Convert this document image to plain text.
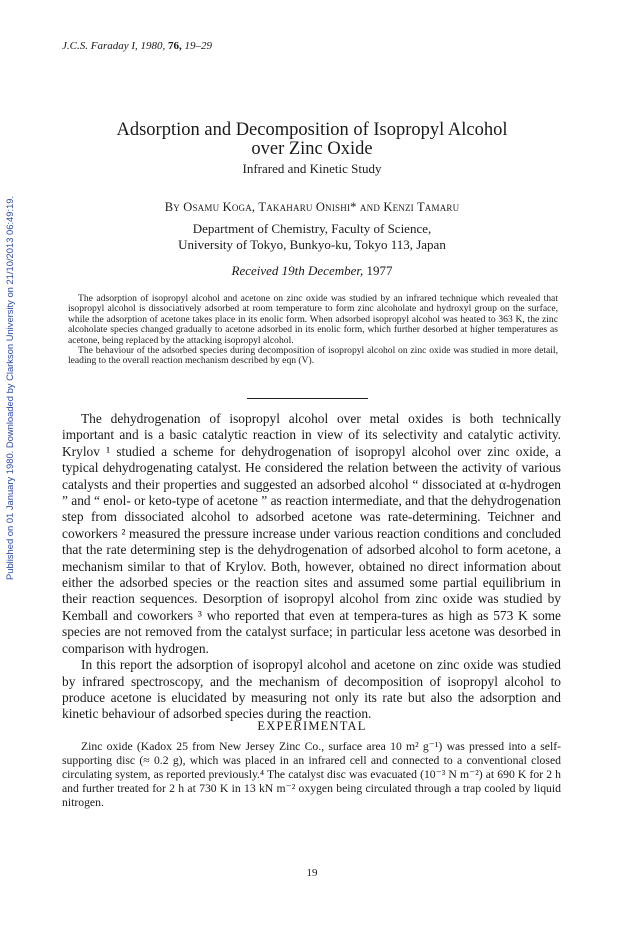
J.C.S. Faraday I, 1980, 76, 19–29
Published on 01 January 1980. Downloaded by Clarkson University on 21/10/2013 06:49:19.
Adsorption and Decomposition of Isopropyl Alcohol
over Zinc Oxide
Infrared and Kinetic Study
By Osamu Koga, Takaharu Onishi* and Kenzi Tamaru
Department of Chemistry, Faculty of Science,
University of Tokyo, Bunkyo-ku, Tokyo 113, Japan
Received 19th December, 1977

The adsorption of isopropyl alcohol and acetone on zinc oxide was studied by an infrared technique which revealed that isopropyl alcohol is dissociatively adsorbed at room temperature to form zinc alcoholate and hydroxyl group on the surface, while the adsorption of acetone takes place in its enolic form. When adsorbed isopropyl alcohol was heated to 363 K, the zinc alcoholate species changed gradually to acetone adsorbed in its enolic form, which further desorbed at higher temperatures as acetone, being replaced by the attacking isopropyl alcohol.

The behaviour of the adsorbed species during decomposition of isopropyl alcohol on zinc oxide was studied in more detail, leading to the overall reaction mechanism described by eqn (V).

The dehydrogenation of isopropyl alcohol over metal oxides is both technically important and is a basic catalytic reaction in view of its selectivity and catalytic activity. Krylov ¹ studied a scheme for dehydrogenation of isopropyl alcohol over zinc oxide, a typical dehydrogenating catalyst. He considered the relation between the activity of various catalysts and their properties and suggested an adsorbed alcohol “ dissociated at α-hydrogen ” and “ enol- or keto-type of acetone ” as reaction intermediate, and that the dehydrogenation step from dissociated alcohol to adsorbed acetone was rate-determining. Teichner and coworkers ² measured the pressure increase under various reaction conditions and concluded that the rate determining step is the dehydrogenation of adsorbed alcohol to form acetone, a mechanism similar to that of Krylov. Both, however, obtained no direct information about either the adsorbed species or the reaction sites and assumed some partial equilibrium in their reaction sequences. Desorption of isopropyl alcohol from zinc oxide was studied by Kemball and coworkers ³ who reported that even at tempera-tures as high as 573 K some species are not removed from the catalyst surface; in particular less acetone was desorbed in comparison with hydrogen.

In this report the adsorption of isopropyl alcohol and acetone on zinc oxide was studied by infrared spectroscopy, and the mechanism of decomposition of isopropyl alcohol to produce acetone is elucidated by measuring not only its rate but also the adsorption and kinetic behaviour of adsorbed species during the reaction.

EXPERIMENTAL

Zinc oxide (Kadox 25 from New Jersey Zinc Co., surface area 10 m² g⁻¹) was pressed into a self-supporting disc (≈ 0.2 g), which was placed in an infrared cell and connected to a conventional closed circulating system, as reported previously.⁴ The catalyst disc was evacuated (10⁻³ N m⁻²) at 690 K for 2 h and further treated for 2 h at 730 K in 13 kN m⁻² oxygen being circulated through a trap cooled by liquid nitrogen.

19
